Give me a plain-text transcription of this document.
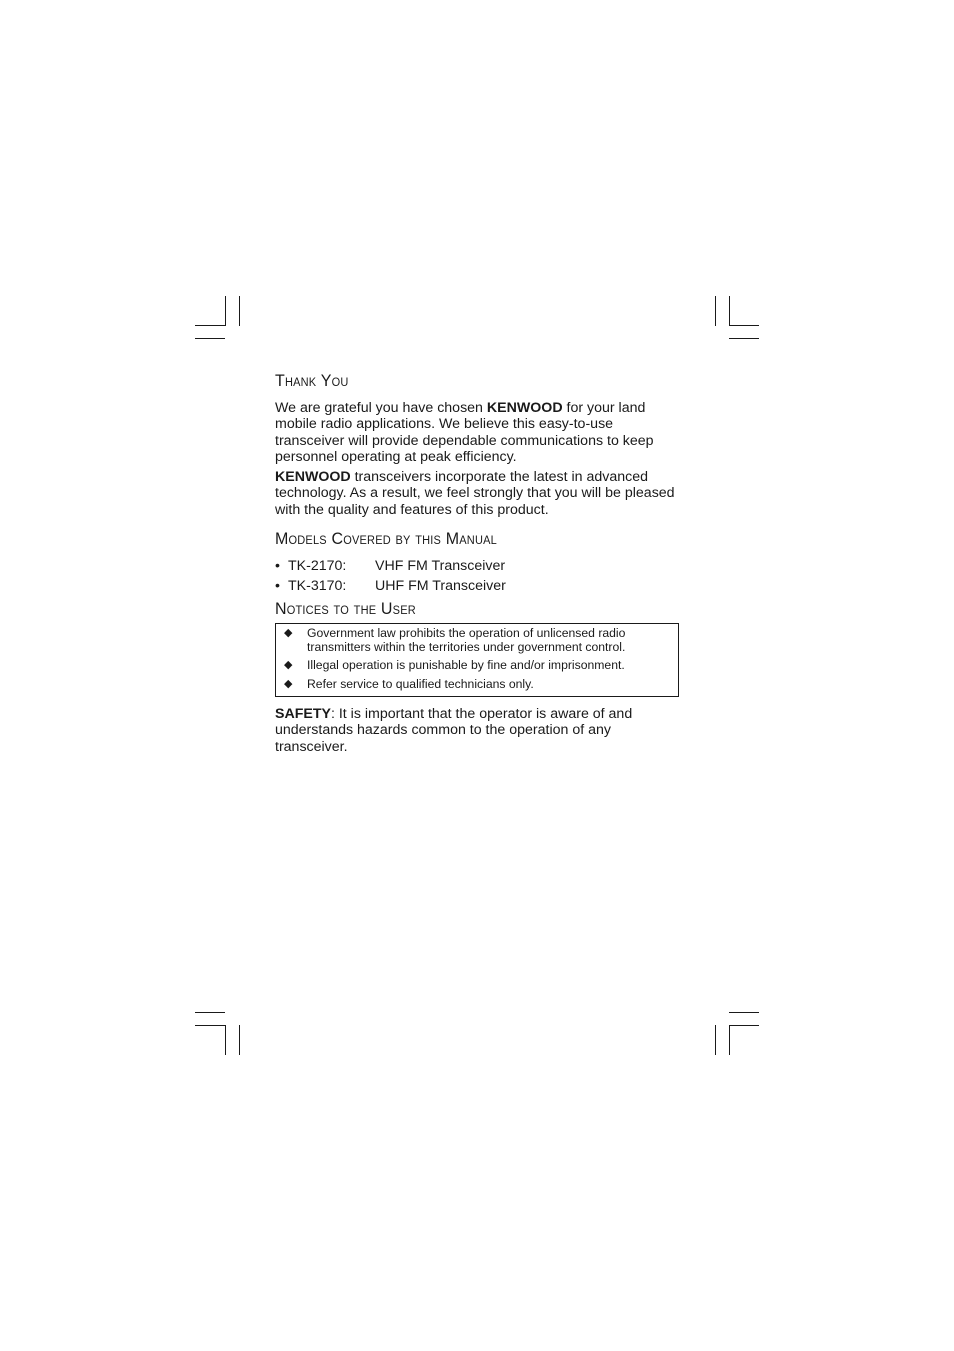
Thank You

We are grateful you have chosen KENWOOD for your land mobile radio applications. We believe this easy-to-use transceiver will provide dependable communications to keep personnel operating at peak efficiency.

KENWOOD transceivers incorporate the latest in advanced technology. As a result, we feel strongly that you will be pleased with the quality and features of this product.

Models Covered by this Manual
• TK-2170:	VHF FM Transceiver
• TK-3170:	UHF FM Transceiver
Notices to the User
◆	Government law prohibits the operation of unlicensed radio transmitters within the territories under government control.
◆	Illegal operation is punishable by fine and/or imprisonment.
◆	Refer service to qualified technicians only.

SAFETY: It is important that the operator is aware of and understands hazards common to the operation of any transceiver.
